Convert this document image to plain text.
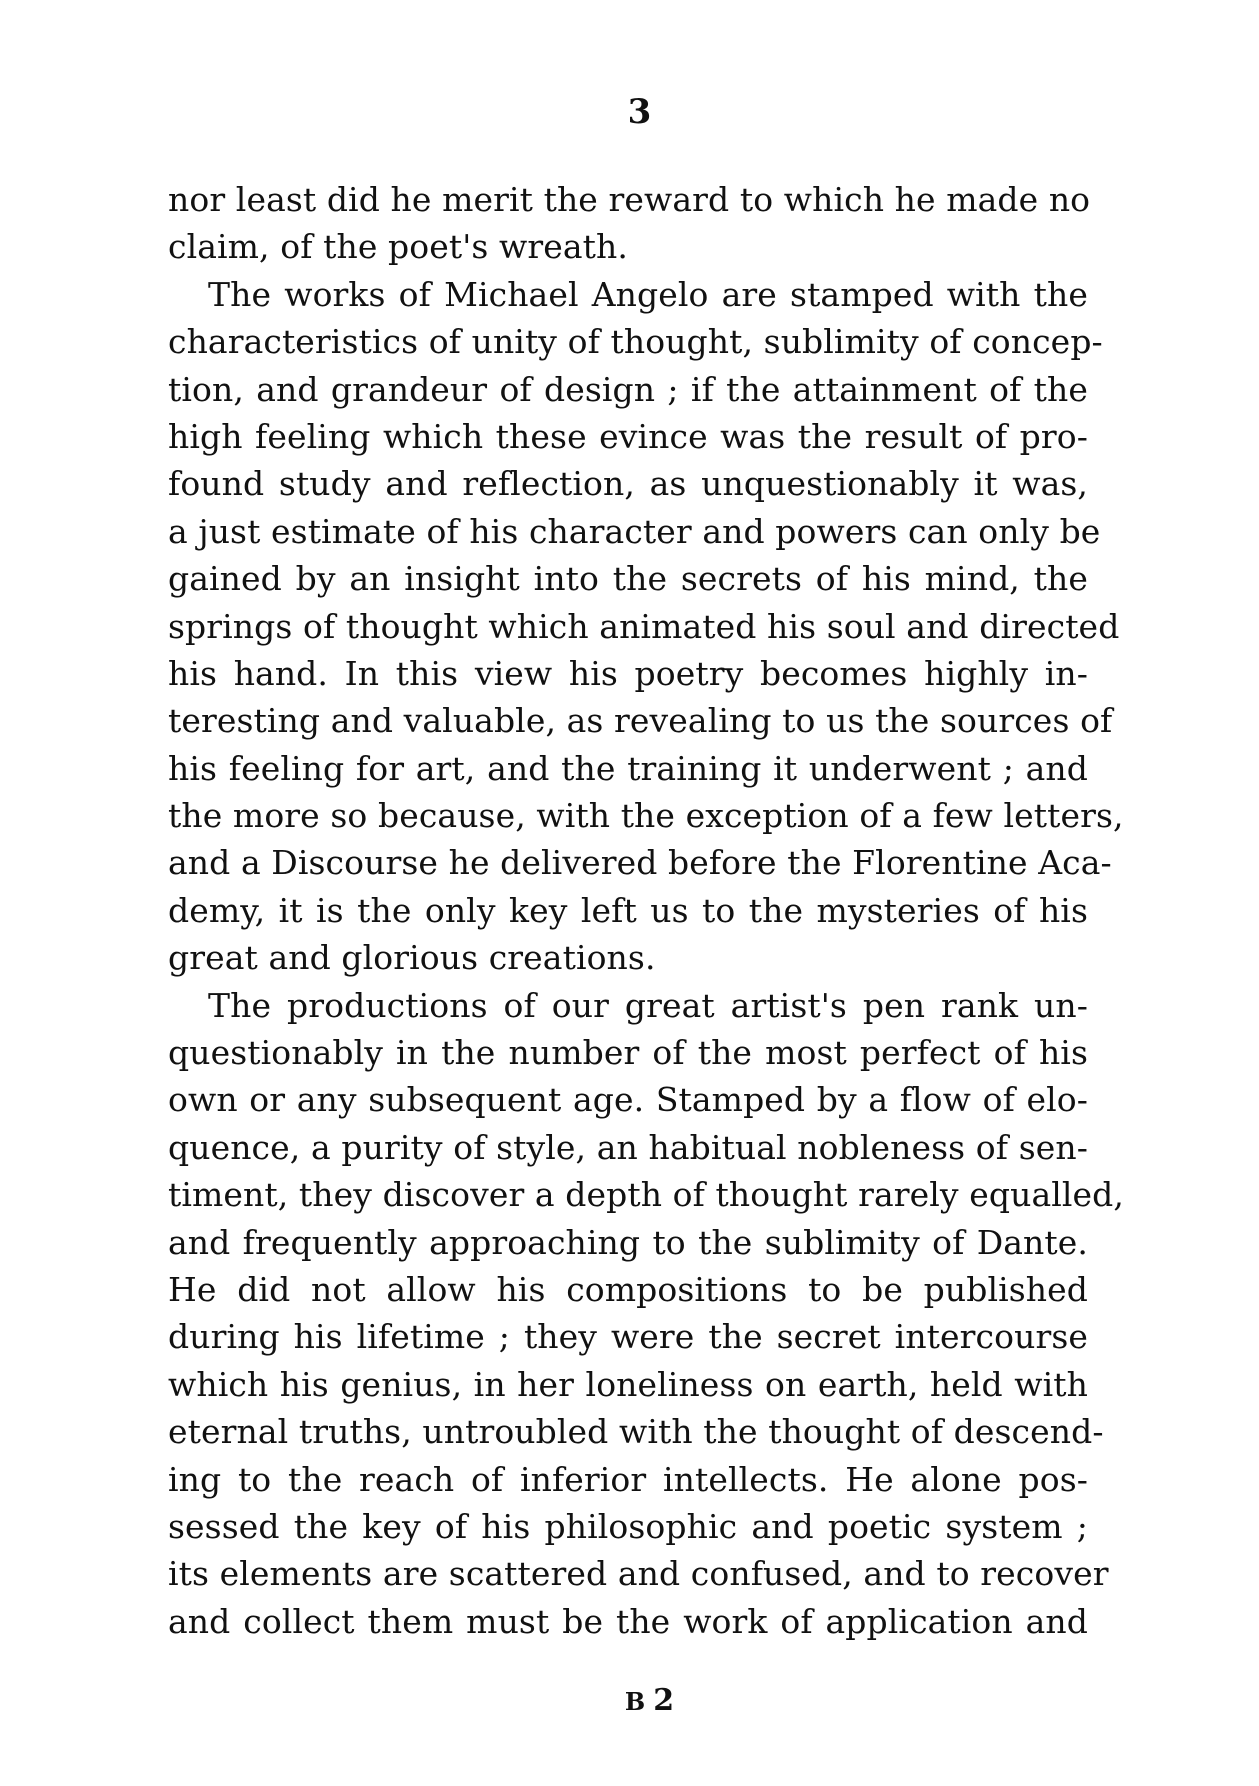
3
nor least did he merit the reward to which he made no
claim, of the poet's wreath.
The works of Michael Angelo are stamped with the
characteristics of unity of thought, sublimity of concep-
tion, and grandeur of design ; if the attainment of the
high feeling which these evince was the result of pro-
found study and reflection, as unquestionably it was,
a just estimate of his character and powers can only be
gained by an insight into the secrets of his mind, the
springs of thought which animated his soul and directed
his hand. In this view his poetry becomes highly in-
teresting and valuable, as revealing to us the sources of
his feeling for art, and the training it underwent ; and
the more so because, with the exception of a few letters,
and a Discourse he delivered before the Florentine Aca-
demy, it is the only key left us to the mysteries of his
great and glorious creations.
The productions of our great artist's pen rank un-
questionably in the number of the most perfect of his
own or any subsequent age. Stamped by a flow of elo-
quence, a purity of style, an habitual nobleness of sen-
timent, they discover a depth of thought rarely equalled,
and frequently approaching to the sublimity of Dante.
He did not allow his compositions to be published
during his lifetime ; they were the secret intercourse
which his genius, in her loneliness on earth, held with
eternal truths, untroubled with the thought of descend-
ing to the reach of inferior intellects. He alone pos-
sessed the key of his philosophic and poetic system ;
its elements are scattered and confused, and to recover
and collect them must be the work of application and
B 2
